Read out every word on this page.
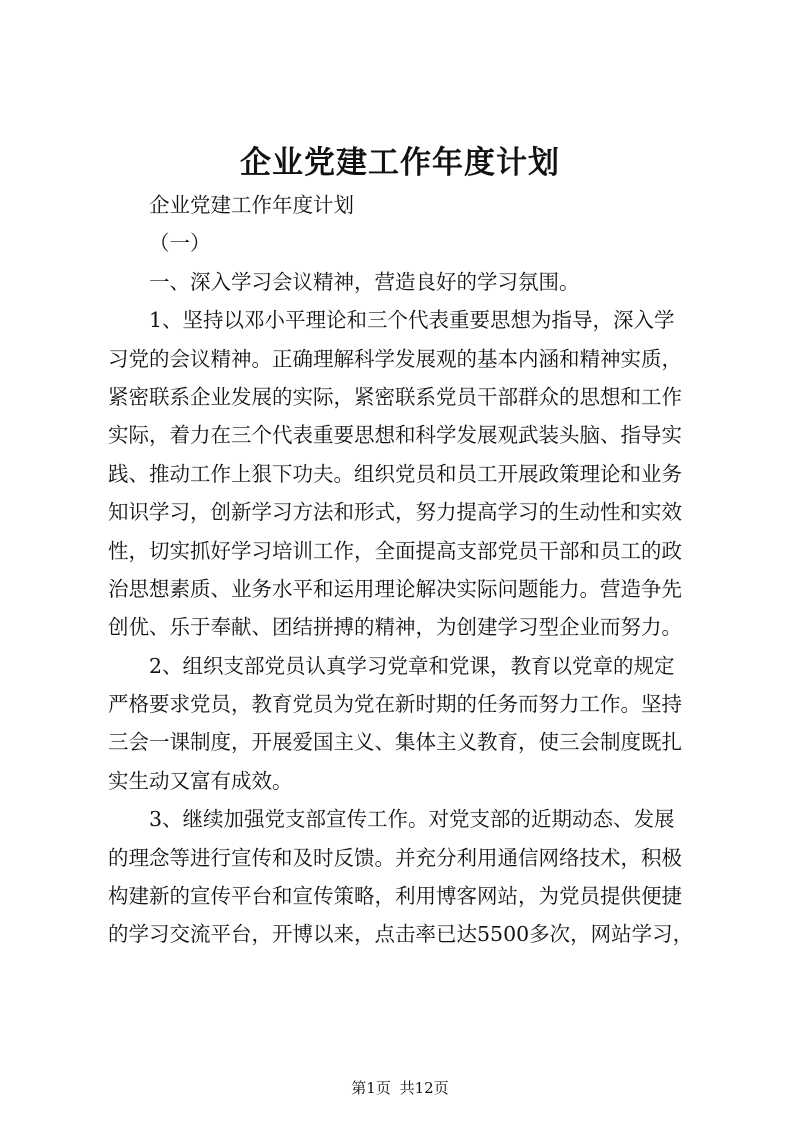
企业党建工作年度计划
企业党建工作年度计划
（一）
一、深入学习会议精神，营造良好的学习氛围。
1、坚持以邓小平理论和三个代表重要思想为指导，深入学
习党的会议精神。正确理解科学发展观的基本内涵和精神实质，
紧密联系企业发展的实际，紧密联系党员干部群众的思想和工作
实际，着力在三个代表重要思想和科学发展观武装头脑、指导实
践、推动工作上狠下功夫。组织党员和员工开展政策理论和业务
知识学习，创新学习方法和形式，努力提高学习的生动性和实效
性，切实抓好学习培训工作，全面提高支部党员干部和员工的政
治思想素质、业务水平和运用理论解决实际问题能力。营造争先
创优、乐于奉献、团结拼搏的精神，为创建学习型企业而努力。
2、组织支部党员认真学习党章和党课，教育以党章的规定
严格要求党员，教育党员为党在新时期的任务而努力工作。坚持
三会一课制度，开展爱国主义、集体主义教育，使三会制度既扎
实生动又富有成效。
3、继续加强党支部宣传工作。对党支部的近期动态、发展
的理念等进行宣传和及时反馈。并充分利用通信网络技术，积极
构建新的宣传平台和宣传策略，利用博客网站，为党员提供便捷
的学习交流平台，开博以来，点击率已达5500多次，网站学习，
第1页 共12页
